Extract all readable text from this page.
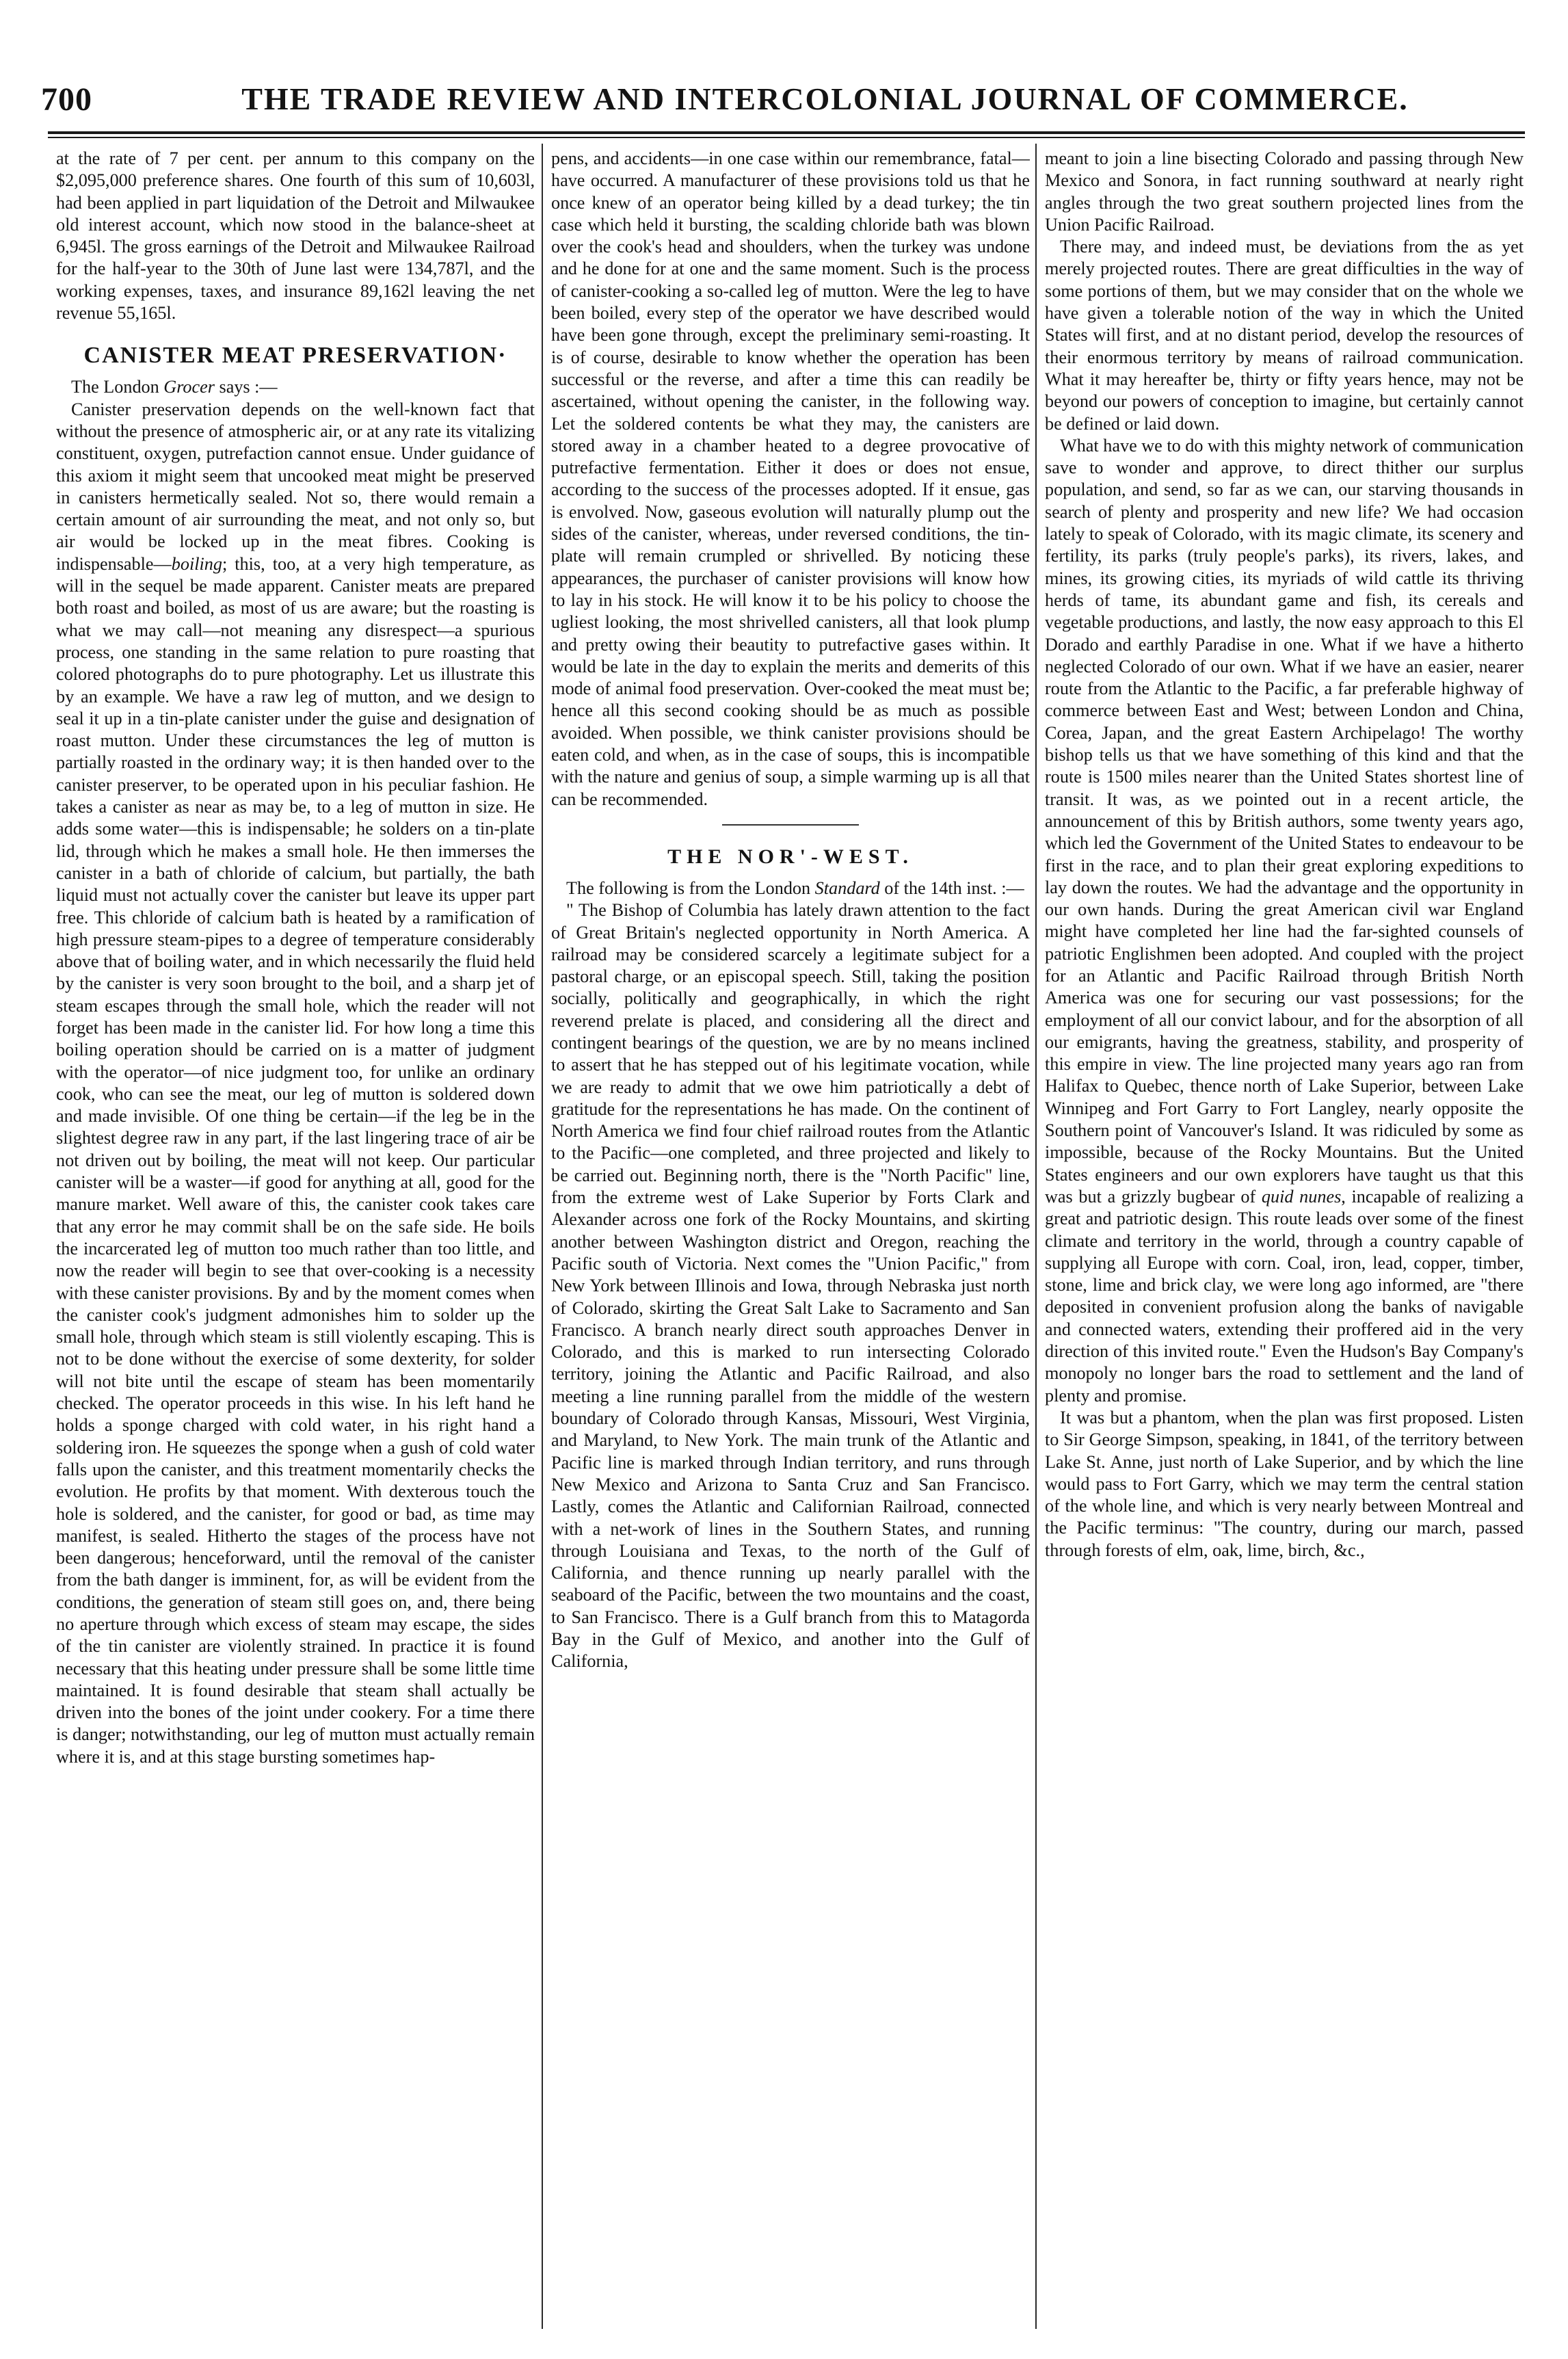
700	THE TRADE REVIEW AND INTERCOLONIAL JOURNAL OF COMMERCE.

at the rate of 7 per cent. per annum to this company on the $2,095,000 preference shares. One fourth of this sum of 10,603l, had been applied in part liquidation of the Detroit and Milwaukee old interest account, which now stood in the balance-sheet at 6,945l. The gross earnings of the Detroit and Milwaukee Railroad for the half-year to the 30th of June last were 134,787l, and the working expenses, taxes, and insurance 89,162l leaving the net revenue 55,165l.

CANISTER MEAT PRESERVATION·

The London Grocer says :—

Canister preservation depends on the well-known fact that without the presence of atmospheric air, or at any rate its vitalizing constituent, oxygen, putrefaction cannot ensue. Under guidance of this axiom it might seem that uncooked meat might be preserved in canisters hermetically sealed. Not so, there would remain a certain amount of air surrounding the meat, and not only so, but air would be locked up in the meat fibres. Cooking is indispensable—boiling; this, too, at a very high temperature, as will in the sequel be made apparent. Canister meats are prepared both roast and boiled, as most of us are aware; but the roasting is what we may call—not meaning any disrespect—a spurious process, one standing in the same relation to pure roasting that colored photographs do to pure photography. Let us illustrate this by an example. We have a raw leg of mutton, and we design to seal it up in a tin-plate canister under the guise and designation of roast mutton. Under these circumstances the leg of mutton is partially roasted in the ordinary way; it is then handed over to the canister preserver, to be operated upon in his peculiar fashion. He takes a canister as near as may be, to a leg of mutton in size. He adds some water—this is indispensable; he solders on a tin-plate lid, through which he makes a small hole. He then immerses the canister in a bath of chloride of calcium, but partially, the bath liquid must not actually cover the canister but leave its upper part free. This chloride of calcium bath is heated by a ramification of high pressure steam-pipes to a degree of temperature considerably above that of boiling water, and in which necessarily the fluid held by the canister is very soon brought to the boil, and a sharp jet of steam escapes through the small hole, which the reader will not forget has been made in the canister lid. For how long a time this boiling operation should be carried on is a matter of judgment with the operator—of nice judgment too, for unlike an ordinary cook, who can see the meat, our leg of mutton is soldered down and made invisible. Of one thing be certain—if the leg be in the slightest degree raw in any part, if the last lingering trace of air be not driven out by boiling, the meat will not keep. Our particular canister will be a waster—if good for anything at all, good for the manure market. Well aware of this, the canister cook takes care that any error he may commit shall be on the safe side. He boils the incarcerated leg of mutton too much rather than too little, and now the reader will begin to see that over-cooking is a necessity with these canister provisions. By and by the moment comes when the canister cook's judgment admonishes him to solder up the small hole, through which steam is still violently escaping. This is not to be done without the exercise of some dexterity, for solder will not bite until the escape of steam has been momentarily checked. The operator proceeds in this wise. In his left hand he holds a sponge charged with cold water, in his right hand a soldering iron. He squeezes the sponge when a gush of cold water falls upon the canister, and this treatment momentarily checks the evolution. He profits by that moment. With dexterous touch the hole is soldered, and the canister, for good or bad, as time may manifest, is sealed. Hitherto the stages of the process have not been dangerous; henceforward, until the removal of the canister from the bath danger is imminent, for, as will be evident from the conditions, the generation of steam still goes on, and, there being no aperture through which excess of steam may escape, the sides of the tin canister are violently strained. In practice it is found necessary that this heating under pressure shall be some little time maintained. It is found desirable that steam shall actually be driven into the bones of the joint under cookery. For a time there is danger; notwithstanding, our leg of mutton must actually remain where it is, and at this stage bursting sometimes hap-

pens, and accidents—in one case within our remembrance, fatal—have occurred. A manufacturer of these provisions told us that he once knew of an operator being killed by a dead turkey; the tin case which held it bursting, the scalding chloride bath was blown over the cook's head and shoulders, when the turkey was undone and he done for at one and the same moment. Such is the process of canister-cooking a so-called leg of mutton. Were the leg to have been boiled, every step of the operator we have described would have been gone through, except the preliminary semi-roasting. It is of course, desirable to know whether the operation has been successful or the reverse, and after a time this can readily be ascertained, without opening the canister, in the following way. Let the soldered contents be what they may, the canisters are stored away in a chamber heated to a degree provocative of putrefactive fermentation. Either it does or does not ensue, according to the success of the processes adopted. If it ensue, gas is envolved. Now, gaseous evolution will naturally plump out the sides of the canister, whereas, under reversed conditions, the tin-plate will remain crumpled or shrivelled. By noticing these appearances, the purchaser of canister provisions will know how to lay in his stock. He will know it to be his policy to choose the ugliest looking, the most shrivelled canisters, all that look plump and pretty owing their beautity to putrefactive gases within. It would be late in the day to explain the merits and demerits of this mode of animal food preservation. Over-cooked the meat must be; hence all this second cooking should be as much as possible avoided. When possible, we think canister provisions should be eaten cold, and when, as in the case of soups, this is incompatible with the nature and genius of soup, a simple warming up is all that can be recommended.

THE NOR'-WEST.

The following is from the London Standard of the 14th inst. :—

" The Bishop of Columbia has lately drawn attention to the fact of Great Britain's neglected opportunity in North America. A railroad may be considered scarcely a legitimate subject for a pastoral charge, or an episcopal speech. Still, taking the position socially, politically and geographically, in which the right reverend prelate is placed, and considering all the direct and contingent bearings of the question, we are by no means inclined to assert that he has stepped out of his legitimate vocation, while we are ready to admit that we owe him patriotically a debt of gratitude for the representations he has made. On the continent of North America we find four chief railroad routes from the Atlantic to the Pacific—one completed, and three projected and likely to be carried out. Beginning north, there is the "North Pacific" line, from the extreme west of Lake Superior by Forts Clark and Alexander across one fork of the Rocky Mountains, and skirting another between Washington district and Oregon, reaching the Pacific south of Victoria. Next comes the "Union Pacific," from New York between Illinois and Iowa, through Nebraska just north of Colorado, skirting the Great Salt Lake to Sacramento and San Francisco. A branch nearly direct south approaches Denver in Colorado, and this is marked to run intersecting Colorado territory, joining the Atlantic and Pacific Railroad, and also meeting a line running parallel from the middle of the western boundary of Colorado through Kansas, Missouri, West Virginia, and Maryland, to New York. The main trunk of the Atlantic and Pacific line is marked through Indian territory, and runs through New Mexico and Arizona to Santa Cruz and San Francisco. Lastly, comes the Atlantic and Californian Railroad, connected with a net-work of lines in the Southern States, and running through Louisiana and Texas, to the north of the Gulf of California, and thence running up nearly parallel with the seaboard of the Pacific, between the two mountains and the coast, to San Francisco. There is a Gulf branch from this to Matagorda Bay in the Gulf of Mexico, and another into the Gulf of California,

meant to join a line bisecting Colorado and passing through New Mexico and Sonora, in fact running southward at nearly right angles through the two great southern projected lines from the Union Pacific Railroad.

There may, and indeed must, be deviations from the as yet merely projected routes. There are great difficulties in the way of some portions of them, but we may consider that on the whole we have given a tolerable notion of the way in which the United States will first, and at no distant period, develop the resources of their enormous territory by means of railroad communication. What it may hereafter be, thirty or fifty years hence, may not be beyond our powers of conception to imagine, but certainly cannot be defined or laid down.

What have we to do with this mighty network of communication save to wonder and approve, to direct thither our surplus population, and send, so far as we can, our starving thousands in search of plenty and prosperity and new life? We had occasion lately to speak of Colorado, with its magic climate, its scenery and fertility, its parks (truly people's parks), its rivers, lakes, and mines, its growing cities, its myriads of wild cattle its thriving herds of tame, its abundant game and fish, its cereals and vegetable productions, and lastly, the now easy approach to this El Dorado and earthly Paradise in one. What if we have a hitherto neglected Colorado of our own. What if we have an easier, nearer route from the Atlantic to the Pacific, a far preferable highway of commerce between East and West; between London and China, Corea, Japan, and the great Eastern Archipelago! The worthy bishop tells us that we have something of this kind and that the route is 1500 miles nearer than the United States shortest line of transit. It was, as we pointed out in a recent article, the announcement of this by British authors, some twenty years ago, which led the Government of the United States to endeavour to be first in the race, and to plan their great exploring expeditions to lay down the routes. We had the advantage and the opportunity in our own hands. During the great American civil war England might have completed her line had the far-sighted counsels of patriotic Englishmen been adopted. And coupled with the project for an Atlantic and Pacific Railroad through British North America was one for securing our vast possessions; for the employment of all our convict labour, and for the absorption of all our emigrants, having the greatness, stability, and prosperity of this empire in view. The line projected many years ago ran from Halifax to Quebec, thence north of Lake Superior, between Lake Winnipeg and Fort Garry to Fort Langley, nearly opposite the Southern point of Vancouver's Island. It was ridiculed by some as impossible, because of the Rocky Mountains. But the United States engineers and our own explorers have taught us that this was but a grizzly bugbear of quid nunes, incapable of realizing a great and patriotic design. This route leads over some of the finest climate and territory in the world, through a country capable of supplying all Europe with corn. Coal, iron, lead, copper, timber, stone, lime and brick clay, we were long ago informed, are "there deposited in convenient profusion along the banks of navigable and connected waters, extending their proffered aid in the very direction of this invited route." Even the Hudson's Bay Company's monopoly no longer bars the road to settlement and the land of plenty and promise.

It was but a phantom, when the plan was first proposed. Listen to Sir George Simpson, speaking, in 1841, of the territory between Lake St. Anne, just north of Lake Superior, and by which the line would pass to Fort Garry, which we may term the central station of the whole line, and which is very nearly between Montreal and the Pacific terminus: "The country, during our march, passed through forests of elm, oak, lime, birch, &c.,
